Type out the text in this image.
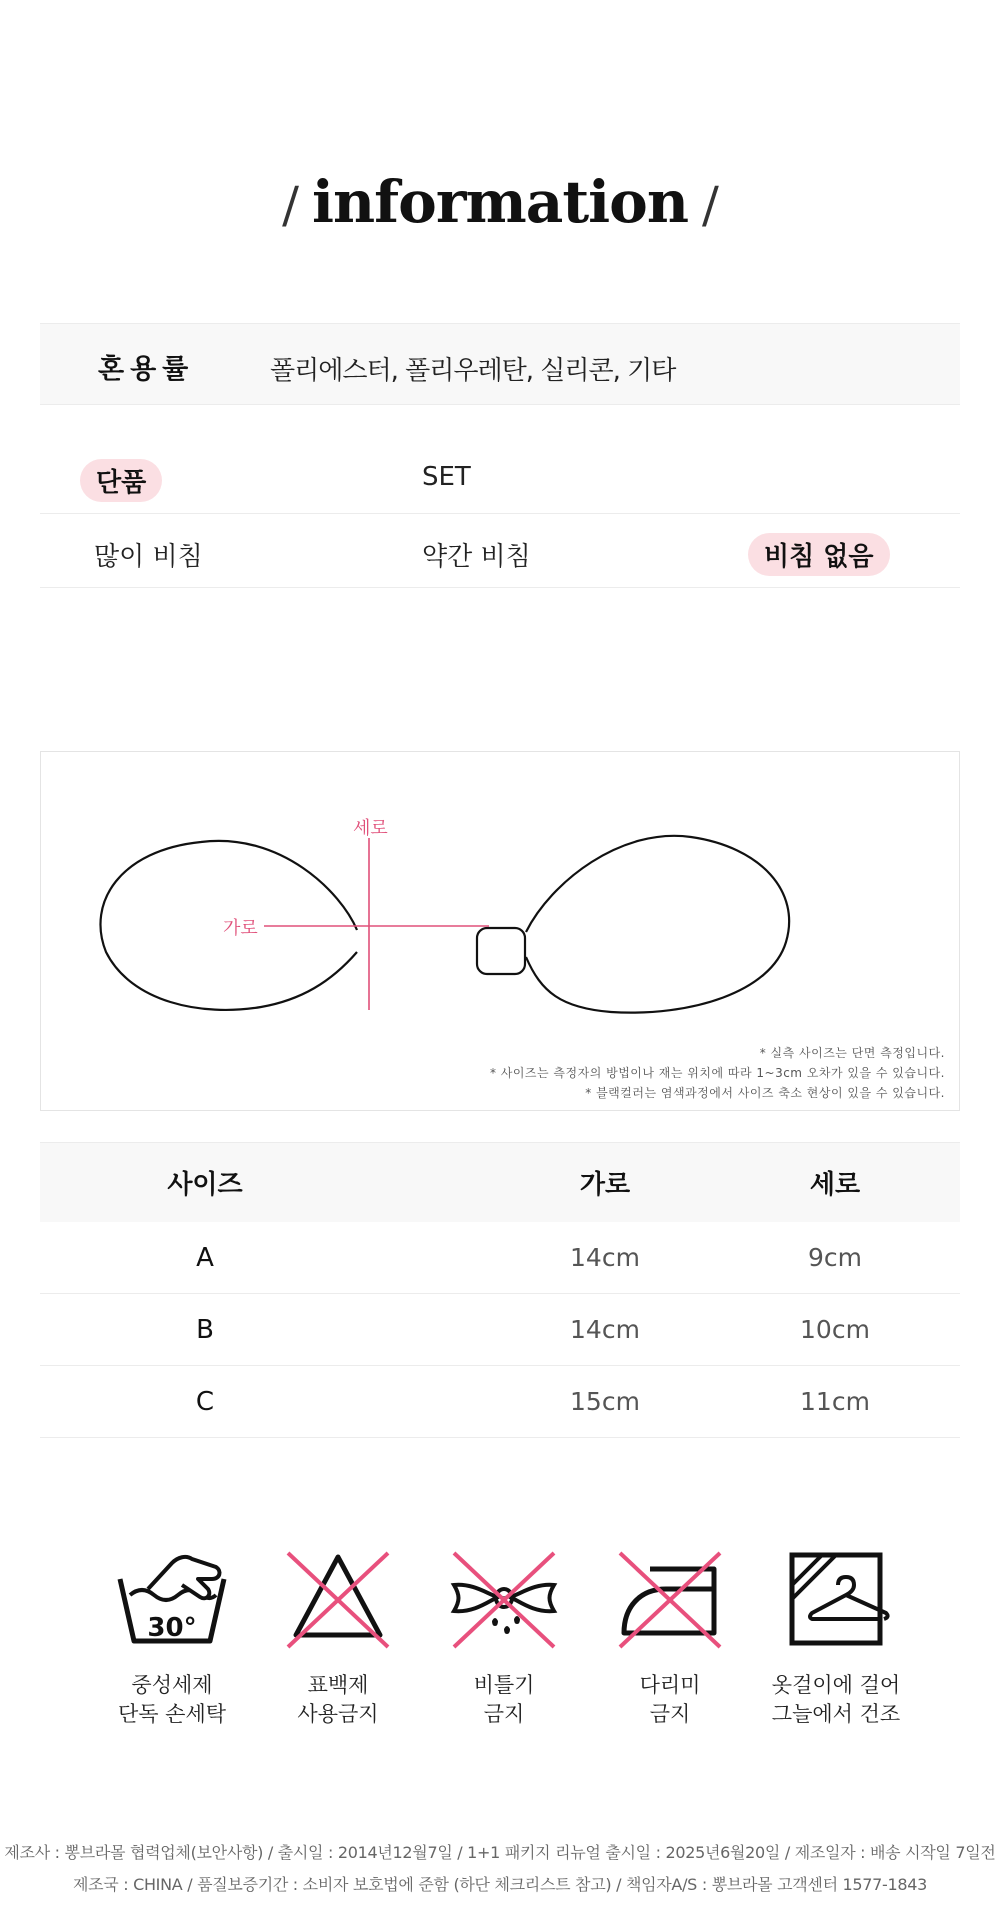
/ information /
혼용률	폴리에스터, 폴리우레탄, 실리콘, 기타
단품	SET
많이 비침	약간 비침	비침 없음
세로
가로
* 실측 사이즈는 단면 측정입니다.
* 사이즈는 측정자의 방법이나 재는 위치에 따라 1~3cm 오차가 있을 수 있습니다.
* 블랙컬러는 염색과정에서 사이즈 축소 현상이 있을 수 있습니다.
사이즈	가로	세로
A	14cm	9cm
B	14cm	10cm
C	15cm	11cm
30°
중성세제
단독 손세탁
표백제
사용금지
비틀기
금지
다리미
금지
옷걸이에 걸어
그늘에서 건조
제조사 : 뽕브라몰 협력업체(보안사항) / 출시일 : 2014년12월7일 / 1+1 패키지 리뉴얼 출시일 : 2025년6월20일 / 제조일자 : 배송 시작일 7일전
제조국 : CHINA / 품질보증기간 : 소비자 보호법에 준함 (하단 체크리스트 참고) / 책임자A/S : 뽕브라몰 고객센터 1577-1843
